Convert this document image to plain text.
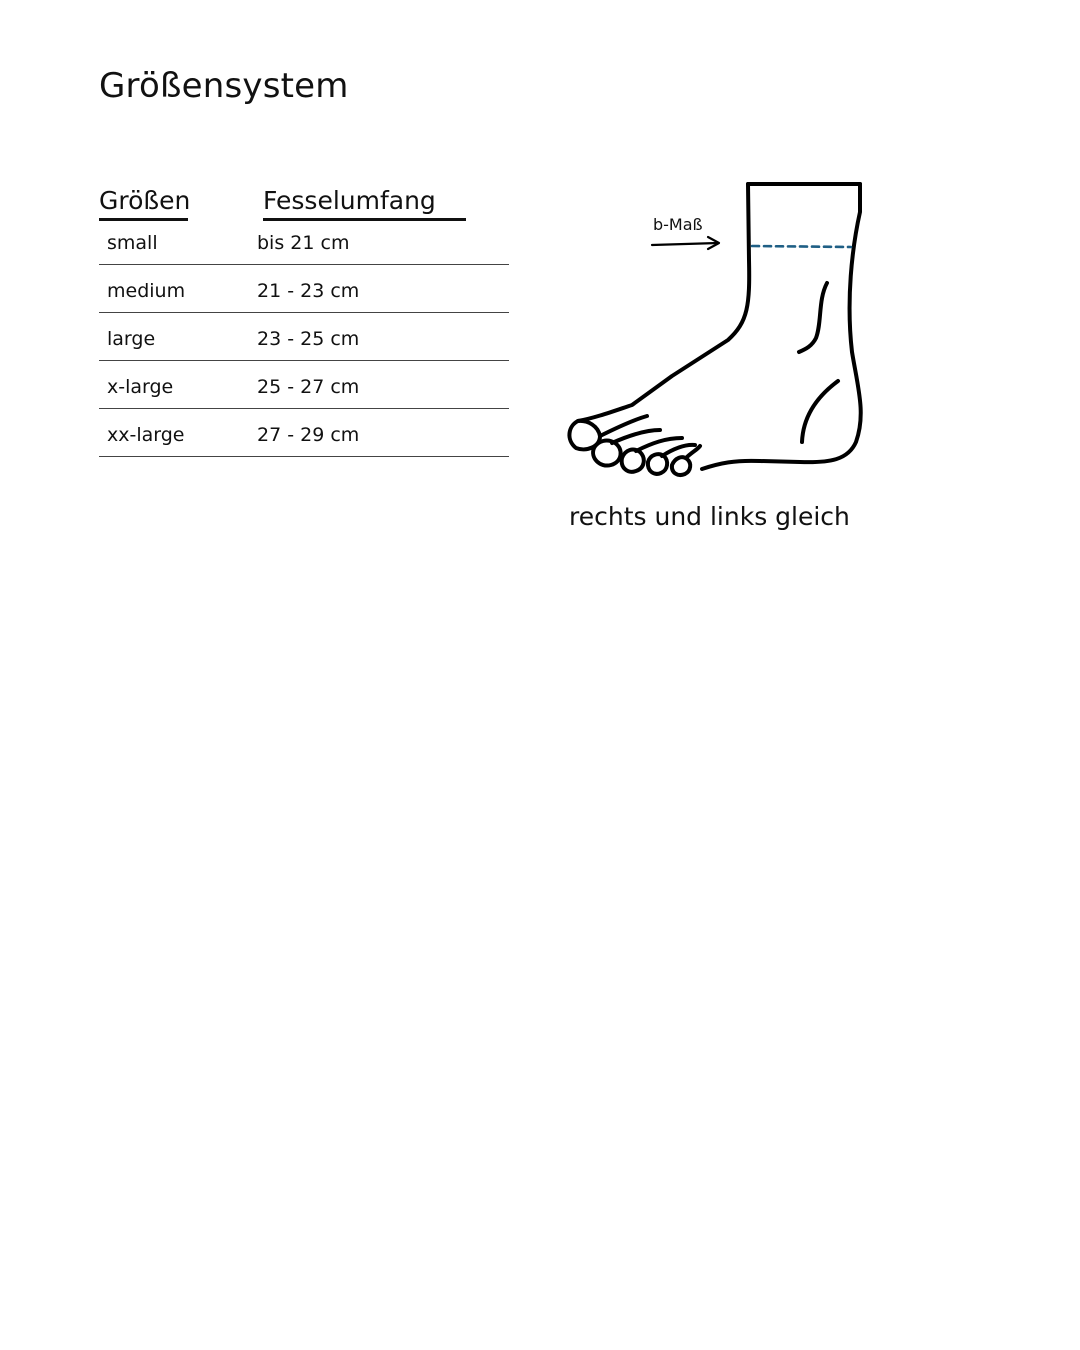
Größensystem
Größen	Fesselumfang
small	bis 21 cm
medium	21 - 23 cm
large	23 - 25 cm
x-large	25 - 27 cm
xx-large	27 - 29 cm
b-Maß
rechts und links gleich
